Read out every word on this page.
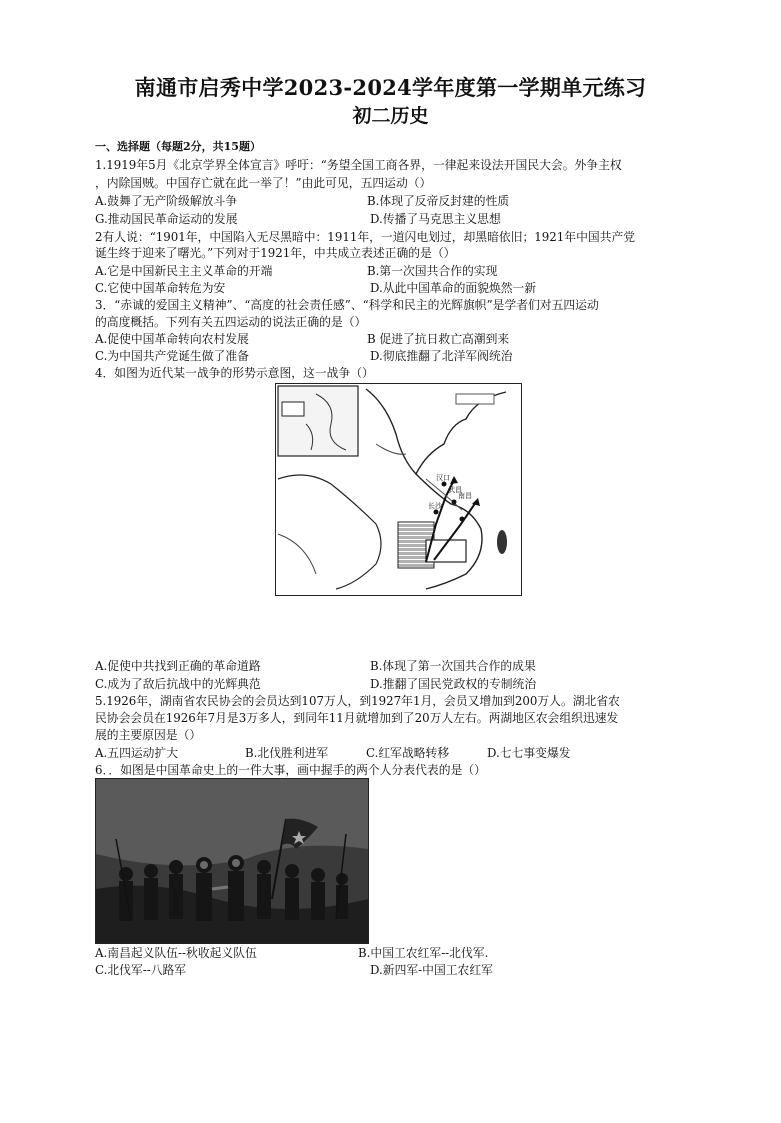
南通市启秀中学2023-2024学年度第一学期单元练习
初二历史
一、选择题（每题2分，共15题）
1.1919年5月《北京学界全体宣言》呼吁：“务望全国工商各界，一律起来设法开国民大会。外争主权
，内除国贼。中国存亡就在此一举了！”由此可见，五四运动（）
A.鼓舞了无产阶级解放斗争	B.体现了反帝反封建的性质
G.推动国民革命运动的发展	D.传播了马克思主义思想
2有人说：“1901年，中国陷入无尽黑暗中：1911年，一道闪电划过，却黑暗依旧；1921年中国共产党
诞生终于迎来了曙光。”下列对于1921年，中共成立表述正确的是（）
A.它是中国新民主主义革命的开端	B.第一次国共合作的实现
C.它使中国革命转危为安	D.从此中国革命的面貌焕然一新
3．“赤诚的爱国主义精神”、“高度的社会责任感”、“科学和民主的光辉旗帜”是学者们对五四运动
的高度概括。下列有关五四运动的说法正确的是（）
A.促使中国革命转向农村发展	B 促进了抗日救亡高潮到来
C.为中国共产党诞生做了准备	D.彻底推翻了北洋军阀统治
4．如图为近代某一战争的形势示意图，这一战争（）
长沙
汉口
南昌
武昌
A.促使中共找到正确的革命道路	B.体现了第一次国共合作的成果
C.成为了敌后抗战中的光辉典范	D.推翻了国民党政权的专制统治
5.1926年，湖南省农民协会的会员达到107万人，到1927年1月，会员又增加到200万人。湖北省农
民协会会员在1926年7月是3万多人，到同年11月就增加到了20万人左右。两湖地区农会组织迅速发
展的主要原因是（）
A.五四运动扩大	B.北伐胜利进军	C.红军战略转移	D.七七事变爆发
6．．如图是中国革命史上的一件大事，画中握手的两个人分表代表的是（）
A.南昌起义队伍--秋收起义队伍	B.中国工农红军--北伐军.
C.北伐军--八路军	D.新四军-中国工农红军
